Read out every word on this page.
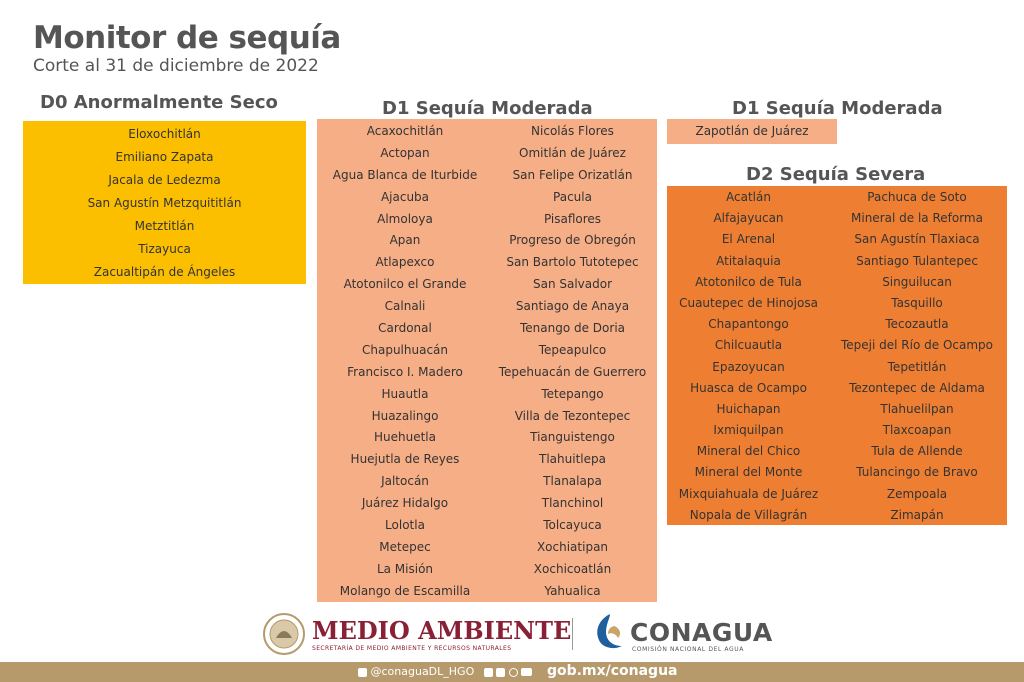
Monitor de sequía
Corte al 31 de diciembre de 2022
D0 Anormalmente Seco
Eloxochitlán
Emiliano Zapata
Jacala de Ledezma
San Agustín Metzquititlán
Metztitlán
Tizayuca
Zacualtipán de Ángeles
D1 Sequía Moderada
Acaxochitlán
Actopan
Agua Blanca de Iturbide
Ajacuba
Almoloya
Apan
Atlapexco
Atotonilco el Grande
Calnali
Cardonal
Chapulhuacán
Francisco I. Madero
Huautla
Huazalingo
Huehuetla
Huejutla de Reyes
Jaltocán
Juárez Hidalgo
Lolotla
Metepec
La Misión
Molango de Escamilla
Nicolás Flores
Omitlán de Juárez
San Felipe Orizatlán
Pacula
Pisaflores
Progreso de Obregón
San Bartolo Tutotepec
San Salvador
Santiago de Anaya
Tenango de Doria
Tepeapulco
Tepehuacán de Guerrero
Tetepango
Villa de Tezontepec
Tianguistengo
Tlahuitlepa
Tlanalapa
Tlanchinol
Tolcayuca
Xochiatipan
Xochicoatlán
Yahualica
D1 Sequía Moderada
Zapotlán de Juárez
D2 Sequía Severa
Acatlán
Alfajayucan
El Arenal
Atitalaquia
Atotonilco de Tula
Cuautepec de Hinojosa
Chapantongo
Chilcuautla
Epazoyucan
Huasca de Ocampo
Huichapan
Ixmiquilpan
Mineral del Chico
Mineral del Monte
Mixquiahuala de Juárez
Nopala de Villagrán
Pachuca de Soto
Mineral de la Reforma
San Agustín Tlaxiaca
Santiago Tulantepec
Singuilucan
Tasquillo
Tecozautla
Tepeji del Río de Ocampo
Tepetitlán
Tezontepec de Aldama
Tlahuelilpan
Tlaxcoapan
Tula de Allende
Tulancingo de Bravo
Zempoala
Zimapán
MEDIO AMBIENTE
SECRETARÍA DE MEDIO AMBIENTE Y RECURSOS NATURALES
CONAGUA
COMISIÓN NACIONAL DEL AGUA
@conaguaDL_HGO	gob.mx/conagua
